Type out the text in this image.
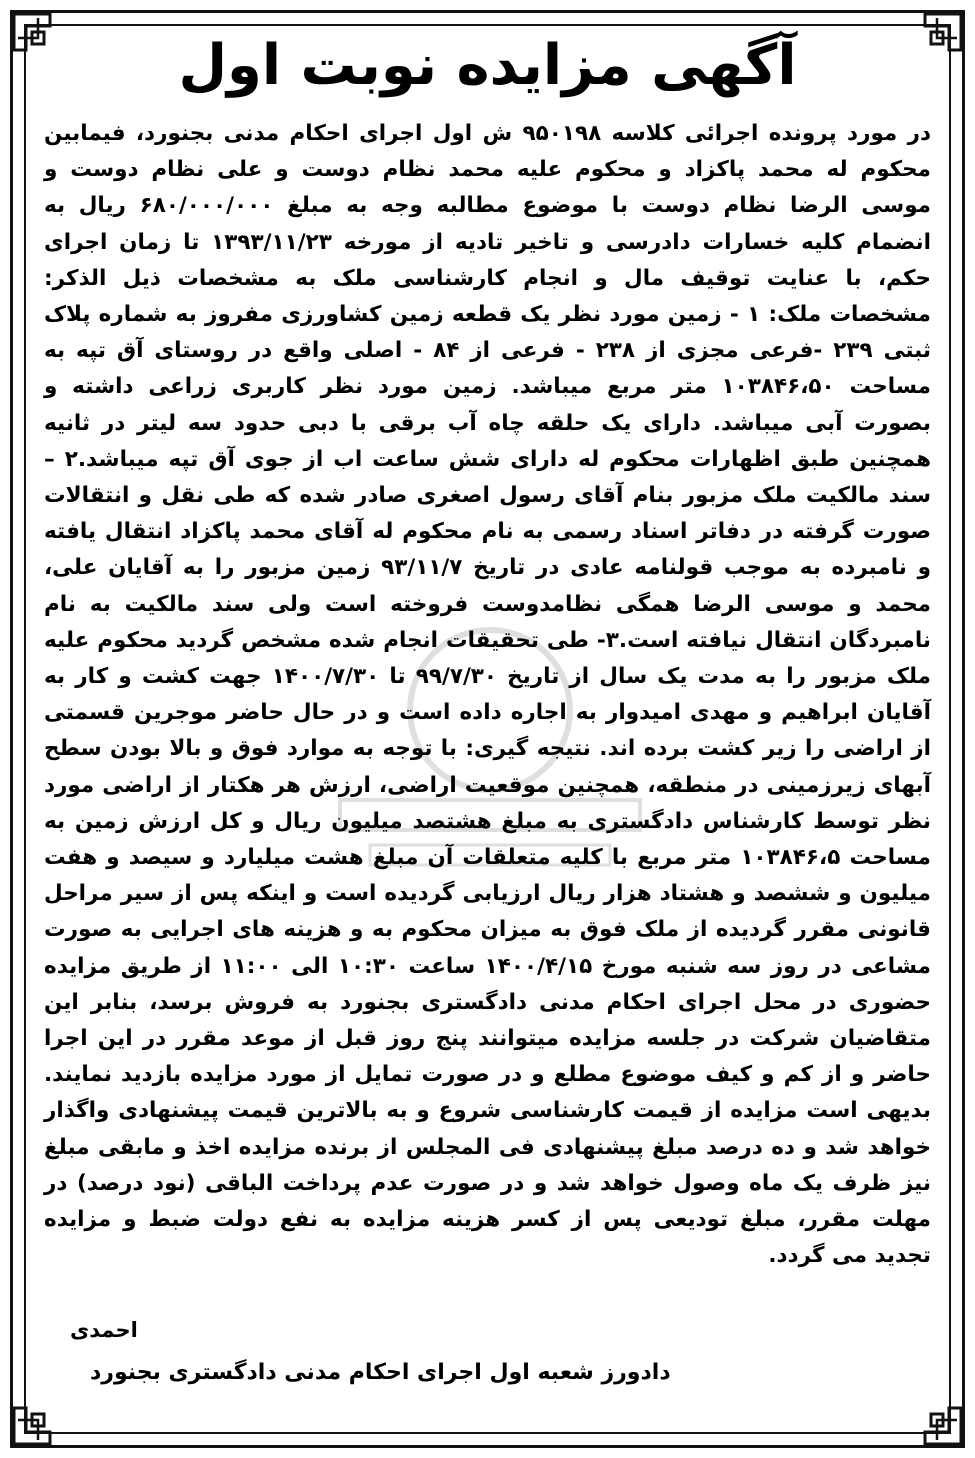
آگهی مزایده نوبت اول
در مورد پرونده اجرائی کلاسه ۹۵۰۱۹۸ ش اول اجرای احکام مدنی بجنورد، فیمابین محکوم له محمد پاکزاد و محکوم علیه محمد نظام دوست و علی نظام دوست و موسی الرضا نظام دوست با موضوع مطالبه وجه به مبلغ ۶۸۰/۰۰۰/۰۰۰ ریال به انضمام کلیه خسارات دادرسی و تاخیر تادیه از مورخه ۱۳۹۳/۱۱/۲۳ تا زمان اجرای حکم، با عنایت توقیف مال و انجام کارشناسی ملک به مشخصات ذیل الذکر: مشخصات ملک: ۱ - زمین مورد نظر یک قطعه زمین کشاورزی مفروز به شماره پلاک ثبتی ۲۳۹ -فرعی مجزی از ۲۳۸ - فرعی از ۸۴ - اصلی واقع در روستای آق تپه به مساحت ۱۰۳۸۴۶،۵۰ متر مربع میباشد. زمین مورد نظر کاربری زراعی داشته و بصورت آبی میباشد. دارای یک حلقه چاه آب برقی با دبی حدود سه لیتر در ثانیه همچنین طبق اظهارات محکوم له دارای شش ساعت اب از جوی آق تپه میباشد.۲ – سند مالکیت ملک مزبور بنام آقای رسول اصغری صادر شده که طی نقل و انتقالات صورت گرفته در دفاتر اسناد رسمی به نام محکوم له آقای محمد پاکزاد انتقال یافته و نامبرده به موجب قولنامه عادی در تاریخ ۹۳/۱۱/۷ زمین مزبور را به آقایان علی، محمد و موسی الرضا همگی نظامدوست فروخته است ولی سند مالکیت به نام نامبردگان انتقال نیافته است.۳- طی تحقیقات انجام شده مشخص گردید محکوم علیه ملک مزبور را به مدت یک سال از تاریخ ۹۹/۷/۳۰ تا ۱۴۰۰/۷/۳۰ جهت کشت و کار به آقایان ابراهیم و مهدی امیدوار به اجاره داده است و در حال حاضر موجرین قسمتی از اراضی را زیر کشت برده اند. نتیجه گیری: با توجه به موارد فوق و بالا بودن سطح آبهای زیرزمینی در منطقه، همچنین موقعیت اراضی، ارزش هر هکتار از اراضی مورد نظر توسط کارشناس دادگستری به مبلغ هشتصد میلیون ریال و کل ارزش زمین به مساحت ۱۰۳۸۴۶،۵ متر مربع با کلیه متعلقات آن مبلغ هشت میلیارد و سیصد و هفت میلیون و ششصد و هشتاد هزار ریال ارزیابی گردیده است و اینکه پس از سیر مراحل قانونی مقرر گردیده از ملک فوق به میزان محکوم به و هزینه های اجرایی به صورت مشاعی در روز سه شنبه مورخ ۱۴۰۰/۴/۱۵ ساعت ۱۰:۳۰ الی ۱۱:۰۰ از طریق مزایده حضوری در محل اجرای احکام مدنی دادگستری بجنورد به فروش برسد، بنابر این متقاضیان شرکت در جلسه مزایده میتوانند پنج روز قبل از موعد مقرر در این اجرا حاضر و از کم و کیف موضوع مطلع و در صورت تمایل از مورد مزایده بازدید نمایند. بدیهی است مزایده از قیمت کارشناسی شروع و به بالاترین قیمت پیشنهادی واگذار خواهد شد و ده درصد مبلغ پیشنهادی فی المجلس از برنده مزایده اخذ و مابقی مبلغ نیز ظرف یک ماه وصول خواهد شد و در صورت عدم پرداخت الباقی (نود درصد) در مهلت مقرر، مبلغ تودیعی پس از کسر هزینه مزایده به نفع دولت ضبط و مزایده تجدید می گردد.
احمدی
دادورز شعبه اول اجرای احکام مدنی دادگستری بجنورد
